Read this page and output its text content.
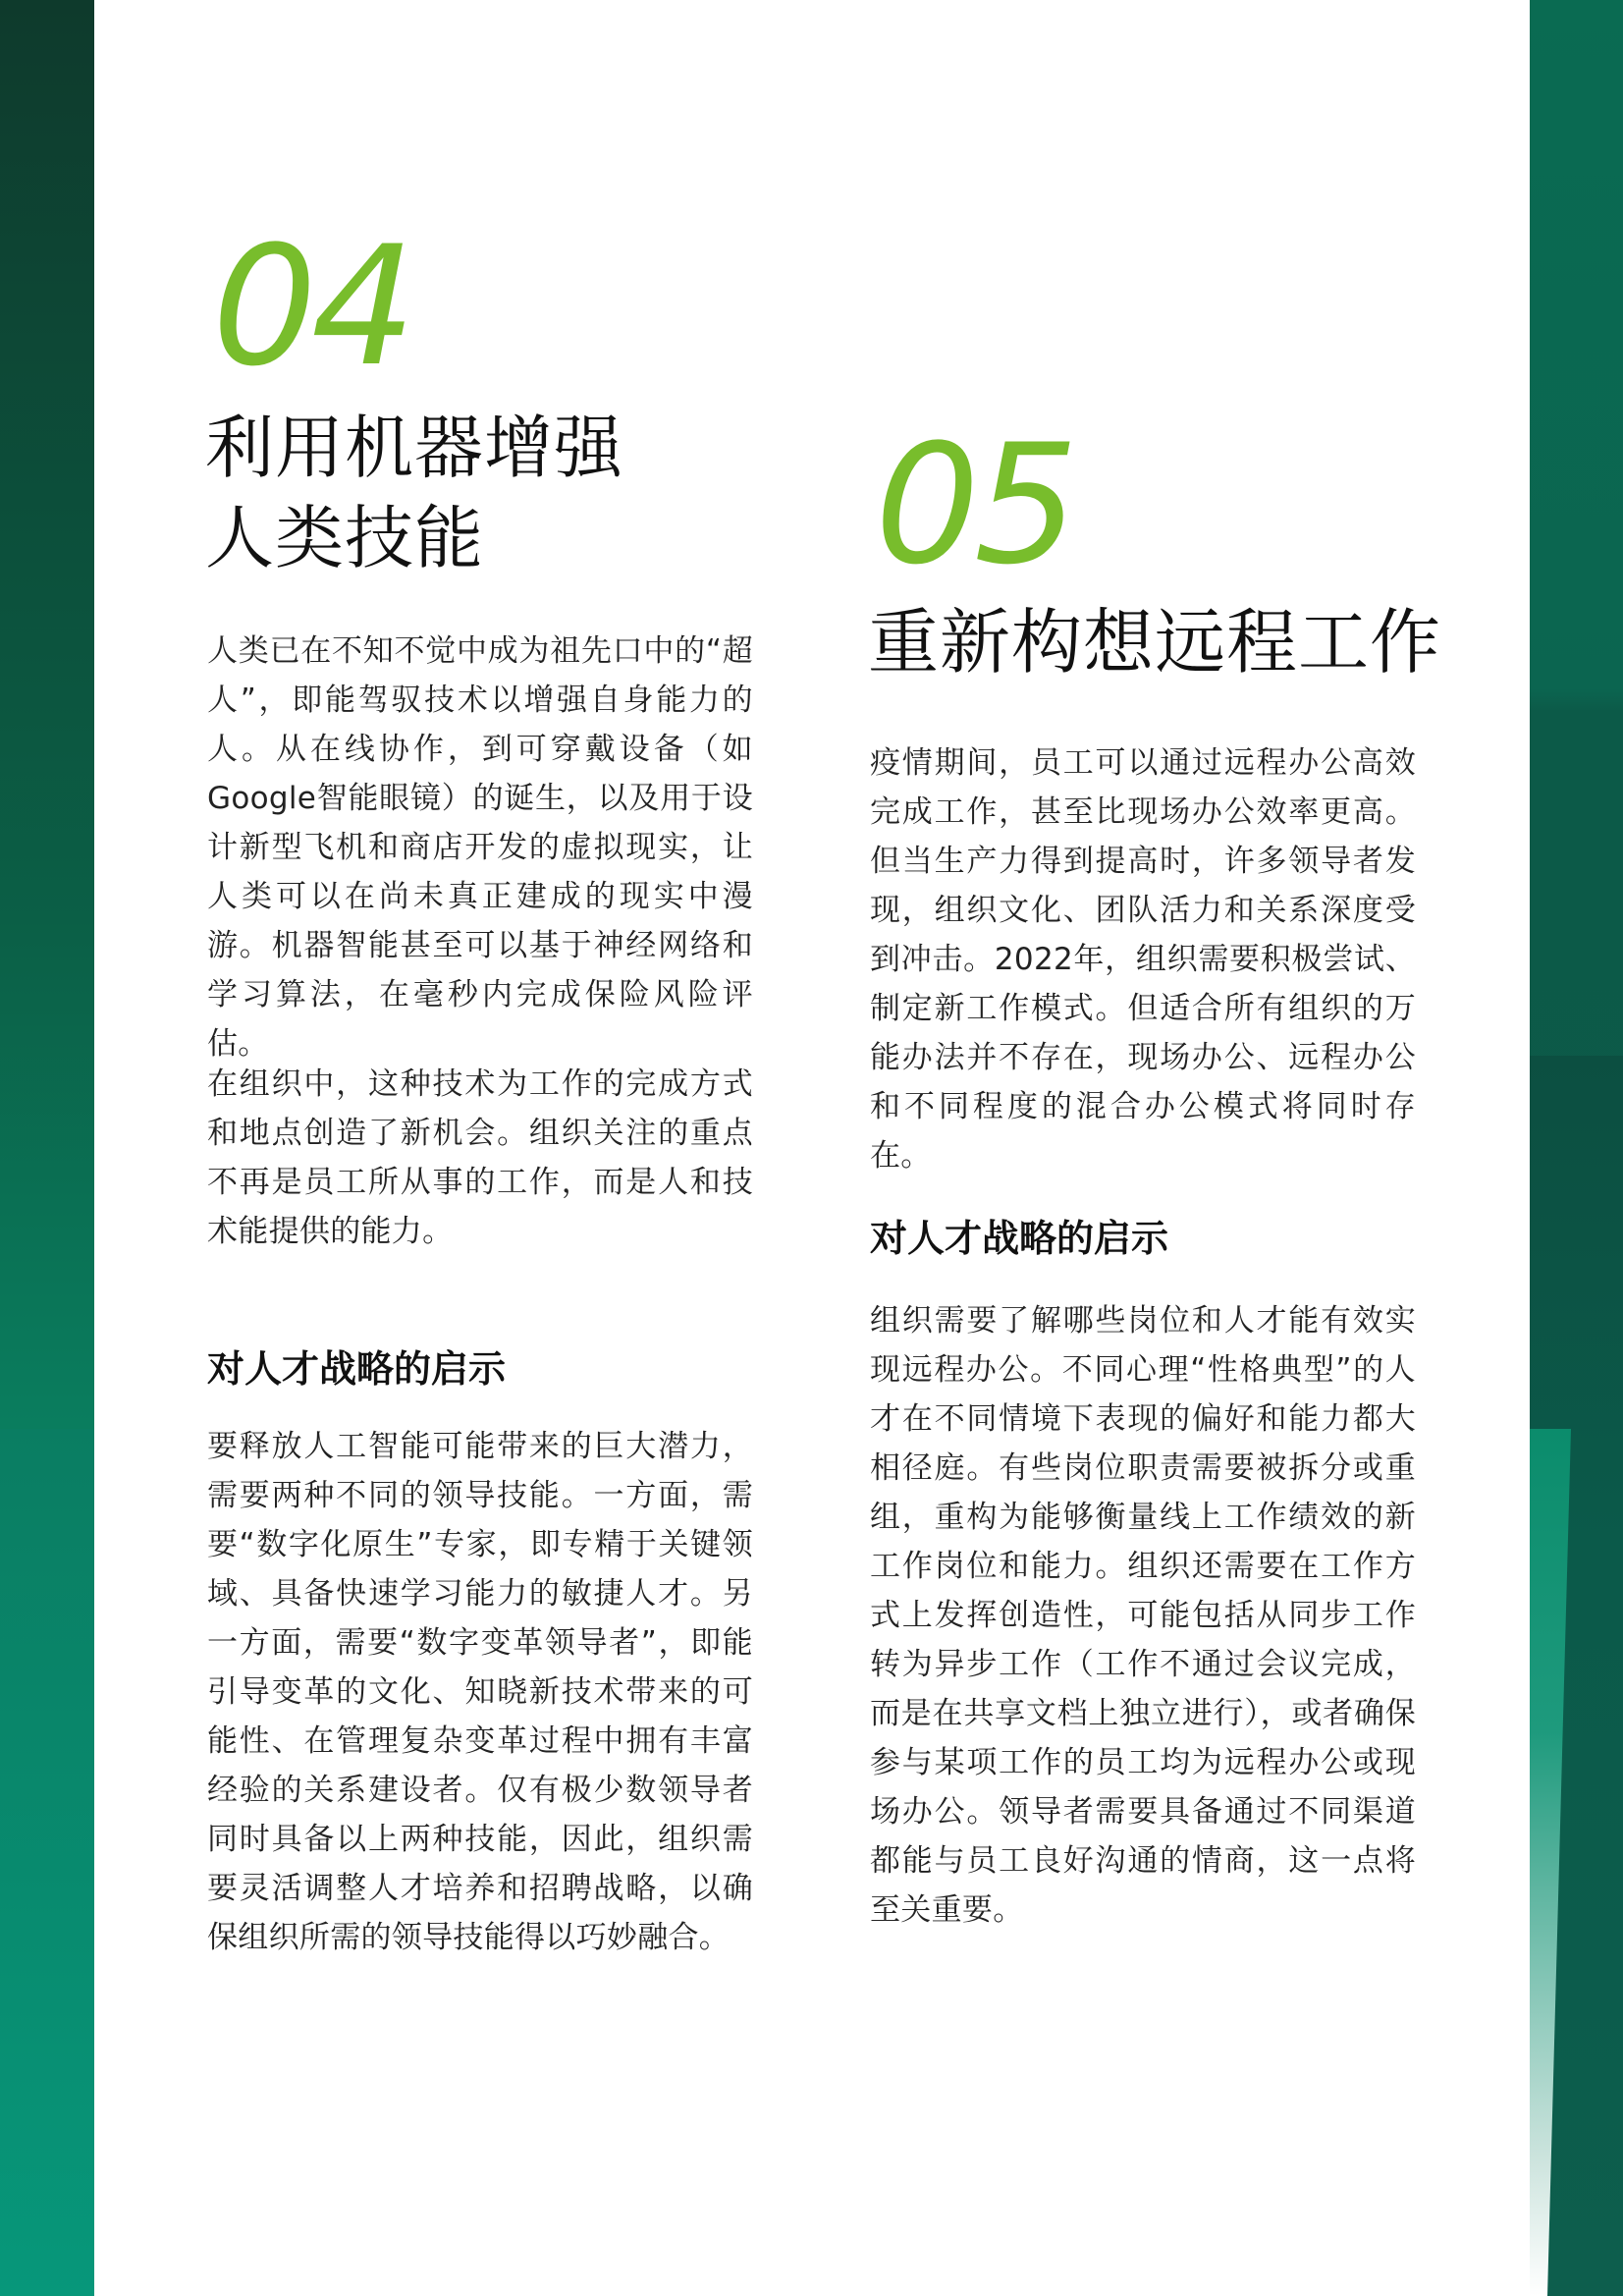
04
利用机器增强
人类技能

人类已在不知不觉中成为祖先口中的“超人”，即能驾驭技术以增强自身能力的人。从在线协作，到可穿戴设备（如Google智能眼镜）的诞生，以及用于设计新型飞机和商店开发的虚拟现实，让人类可以在尚未真正建成的现实中漫游。机器智能甚至可以基于神经网络和学习算法，在毫秒内完成保险风险评估。

在组织中，这种技术为工作的完成方式和地点创造了新机会。组织关注的重点不再是员工所从事的工作，而是人和技术能提供的能力。

对人才战略的启示

要释放人工智能可能带来的巨大潜力，需要两种不同的领导技能。一方面，需要“数字化原生”专家，即专精于关键领域、具备快速学习能力的敏捷人才。另一方面，需要“数字变革领导者”，即能引导变革的文化、知晓新技术带来的可能性、在管理复杂变革过程中拥有丰富经验的关系建设者。仅有极少数领导者同时具备以上两种技能，因此，组织需要灵活调整人才培养和招聘战略，以确保组织所需的领导技能得以巧妙融合。

05
重新构想远程工作

疫情期间，员工可以通过远程办公高效完成工作，甚至比现场办公效率更高。但当生产力得到提高时，许多领导者发现，组织文化、团队活力和关系深度受到冲击。2022年，组织需要积极尝试、制定新工作模式。但适合所有组织的万能办法并不存在，现场办公、远程办公和不同程度的混合办公模式将同时存在。

对人才战略的启示

组织需要了解哪些岗位和人才能有效实现远程办公。不同心理“性格典型”的人才在不同情境下表现的偏好和能力都大相径庭。有些岗位职责需要被拆分或重组，重构为能够衡量线上工作绩效的新工作岗位和能力。组织还需要在工作方式上发挥创造性，可能包括从同步工作转为异步工作（工作不通过会议完成，而是在共享文档上独立进行），或者确保参与某项工作的员工均为远程办公或现场办公。领导者需要具备通过不同渠道都能与员工良好沟通的情商，这一点将至关重要。
